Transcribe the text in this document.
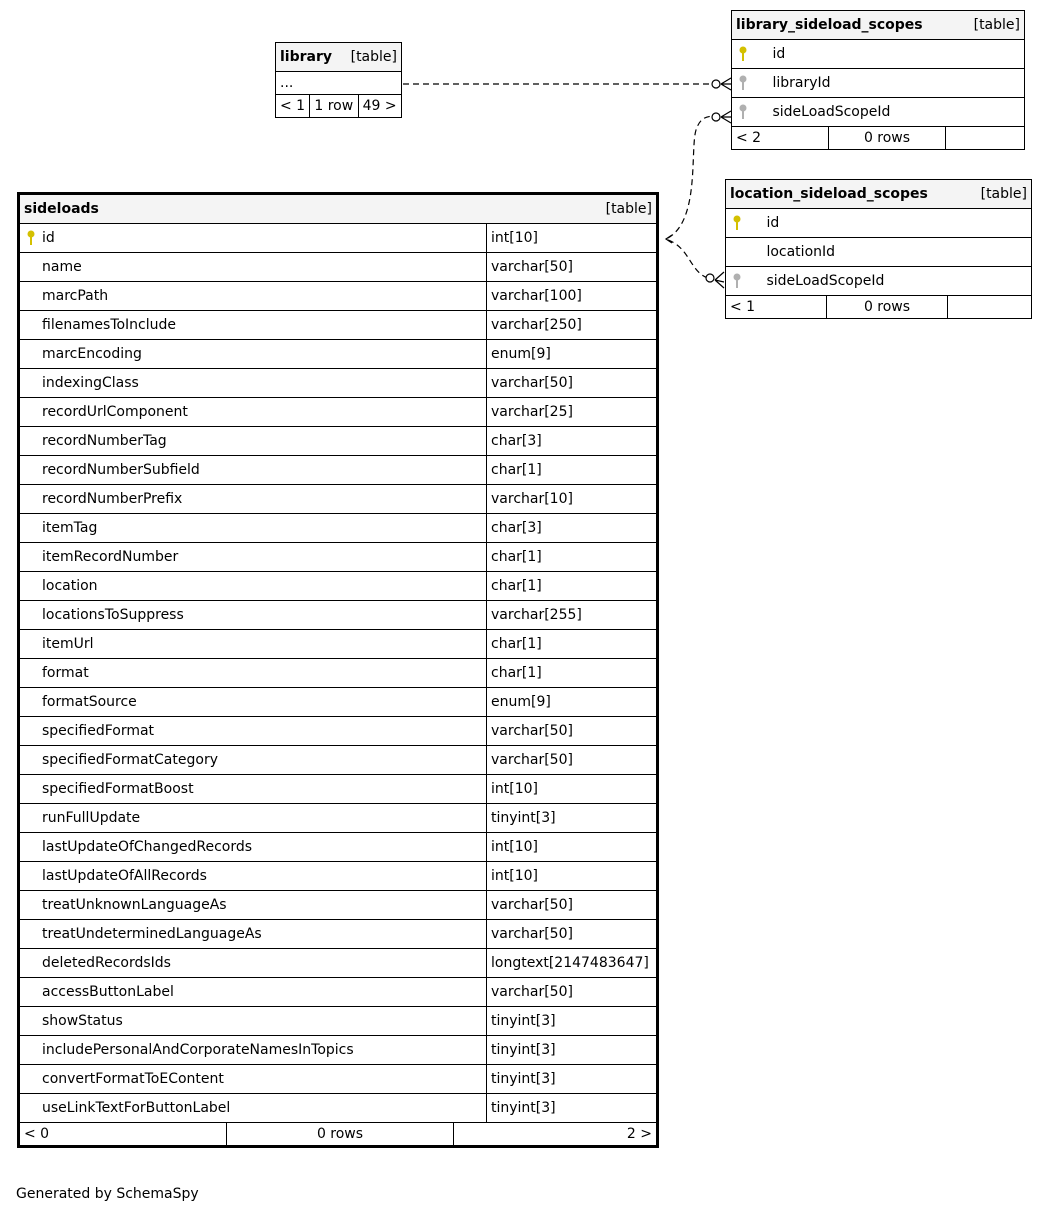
library [table]

...

< 1	1 row	49 >
library_sideload_scopes	[table]

id
libraryId
sideLoadScopeId

< 2	0 rows	
location_sideload_scopes	[table]

id
locationId
sideLoadScopeId

< 1	0 rows	
sideloads	[table]

id	int[10]
name	varchar[50]
marcPath	varchar[100]
filenamesToInclude	varchar[250]
marcEncoding	enum[9]
indexingClass	varchar[50]
recordUrlComponent	varchar[25]
recordNumberTag	char[3]
recordNumberSubfield	char[1]
recordNumberPrefix	varchar[10]
itemTag	char[3]
itemRecordNumber	char[1]
location	char[1]
locationsToSuppress	varchar[255]
itemUrl	char[1]
format	char[1]
formatSource	enum[9]
specifiedFormat	varchar[50]
specifiedFormatCategory	varchar[50]
specifiedFormatBoost	int[10]
runFullUpdate	tinyint[3]
lastUpdateOfChangedRecords	int[10]
lastUpdateOfAllRecords	int[10]
treatUnknownLanguageAs	varchar[50]
treatUndeterminedLanguageAs	varchar[50]
deletedRecordsIds	longtext[2147483647]
accessButtonLabel	varchar[50]
showStatus	tinyint[3]
includePersonalAndCorporateNamesInTopics	tinyint[3]
convertFormatToEContent	tinyint[3]
useLinkTextForButtonLabel	tinyint[3]

< 0	0 rows	2 >
Generated by SchemaSpy
